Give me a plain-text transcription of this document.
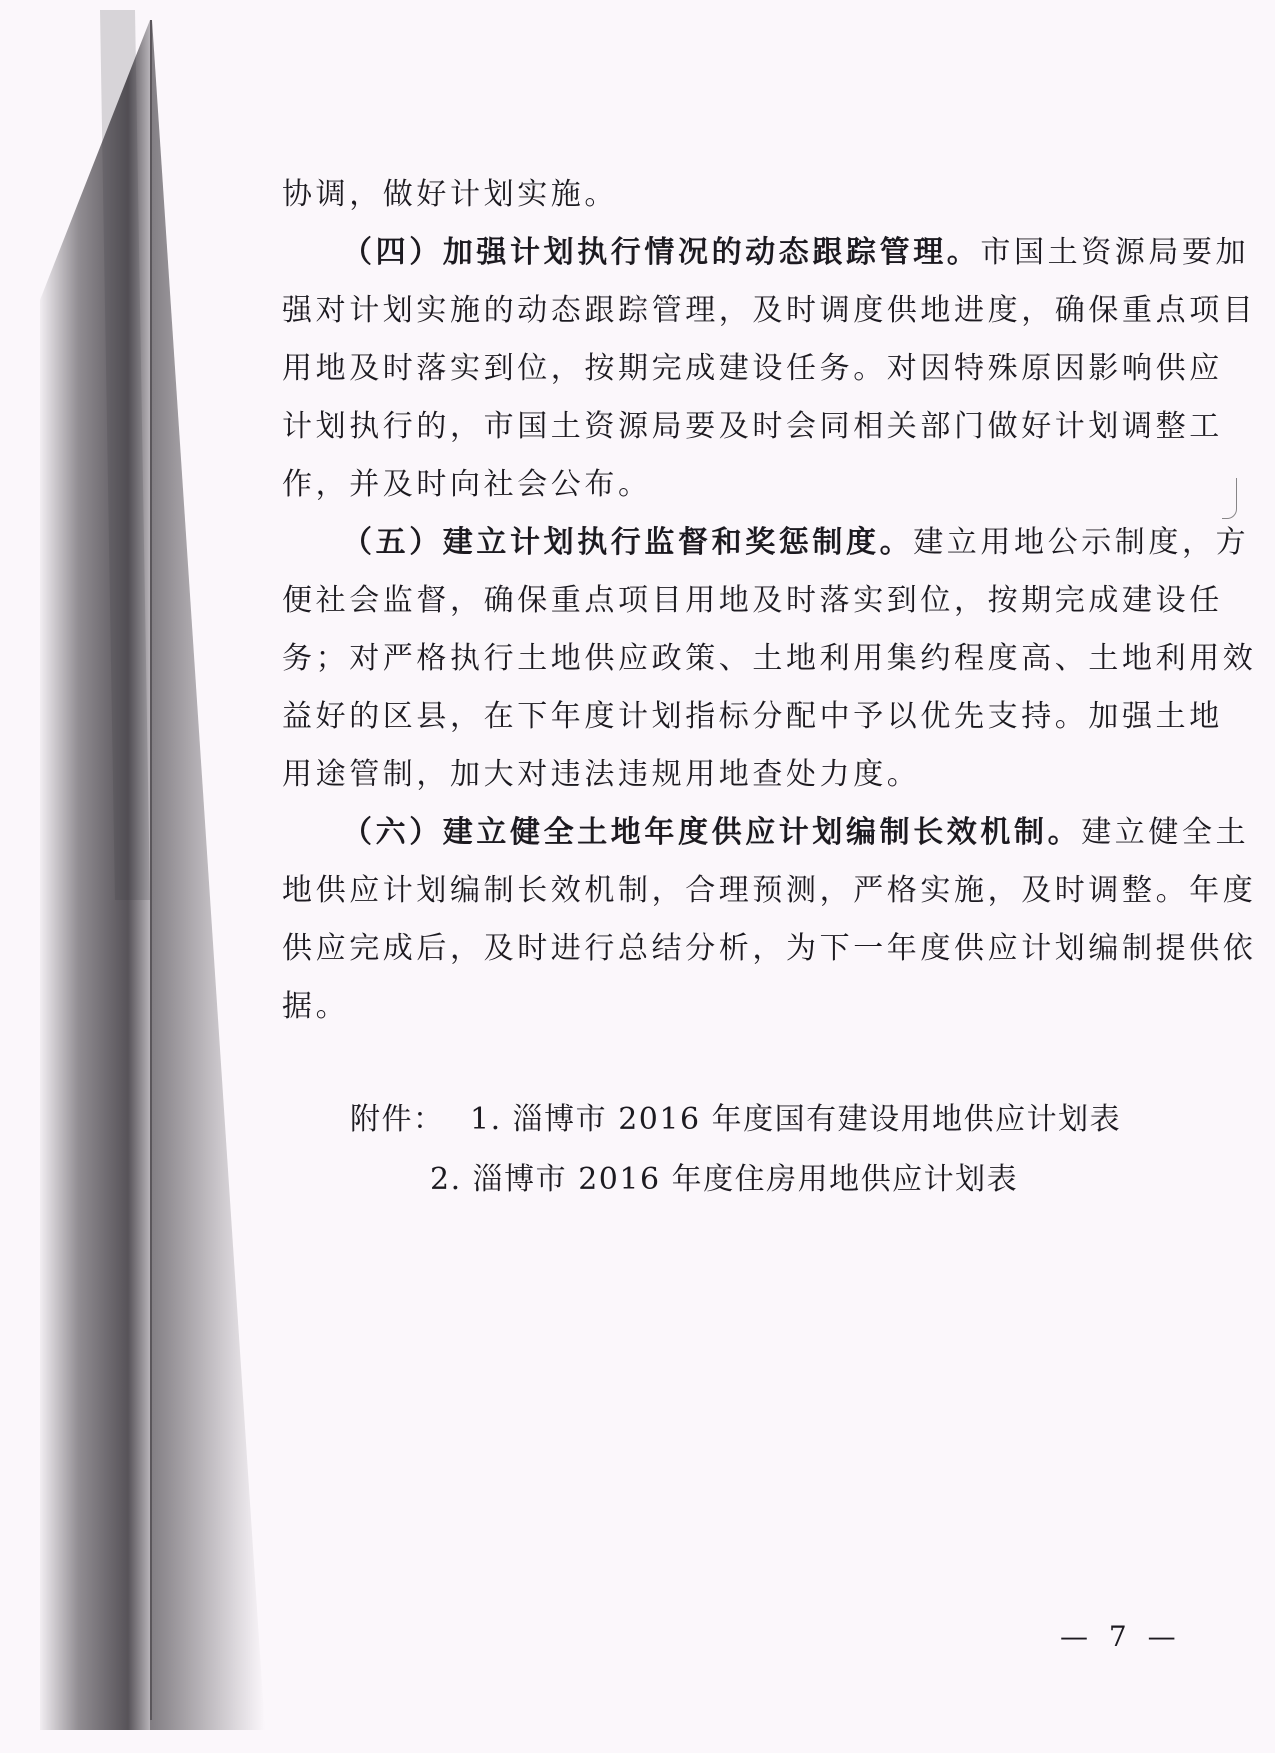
协调，做好计划实施。
（四）加强计划执行情况的动态跟踪管理。市国土资源局要加
强对计划实施的动态跟踪管理，及时调度供地进度，确保重点项目
用地及时落实到位，按期完成建设任务。对因特殊原因影响供应
计划执行的，市国土资源局要及时会同相关部门做好计划调整工
作，并及时向社会公布。
（五）建立计划执行监督和奖惩制度。建立用地公示制度，方
便社会监督，确保重点项目用地及时落实到位，按期完成建设任
务；对严格执行土地供应政策、土地利用集约程度高、土地利用效
益好的区县，在下年度计划指标分配中予以优先支持。加强土地
用途管制，加大对违法违规用地查处力度。
（六）建立健全土地年度供应计划编制长效机制。建立健全土
地供应计划编制长效机制，合理预测，严格实施，及时调整。年度
供应完成后，及时进行总结分析，为下一年度供应计划编制提供依
据。
附件： 1. 淄博市 2016 年度国有建设用地供应计划表
2. 淄博市 2016 年度住房用地供应计划表
— 7 —
